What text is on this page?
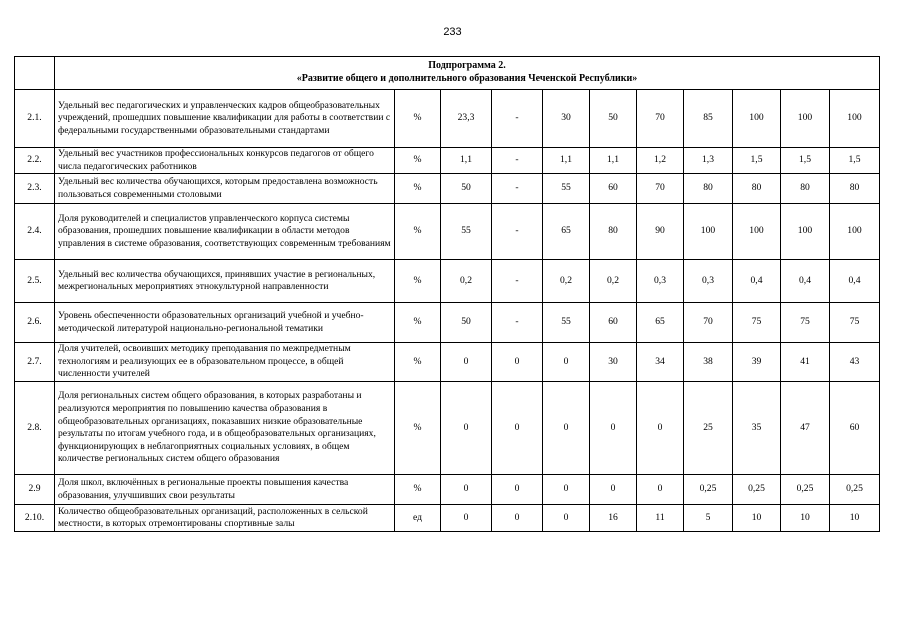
233

	Подпрограмма 2.
«Развитие общего и дополнительного образования Чеченской Республики»										

2.1.	Удельный вес педагогических и управленческих кадров общеобразовательных учреждений, прошедших повышение квалификации для работы в соответствии с федеральными государственными образовательными стандартами	%	23,3	-	30	50	70	85	100	100	100
2.2.	Удельный вес участников профессиональных конкурсов педагогов от общего числа педагогических работников	%	1,1	-	1,1	1,1	1,2	1,3	1,5	1,5	1,5
2.3.	Удельный вес количества обучающихся, которым предоставлена возможность пользоваться современными столовыми	%	50	-	55	60	70	80	80	80	80
2.4.	Доля руководителей и специалистов управленческого корпуса системы образования, прошедших повышение квалификации в области методов управления в системе образования, соответствующих современным требованиям	%	55	-	65	80	90	100	100	100	100
2.5.	Удельный вес количества обучающихся, принявших участие в региональных, межрегиональных мероприятиях этнокультурной направленности	%	0,2	-	0,2	0,2	0,3	0,3	0,4	0,4	0,4
2.6.	Уровень обеспеченности образовательных организаций учебной и учебно-методической литературой национально-региональной тематики	%	50	-	55	60	65	70	75	75	75
2.7.	Доля учителей, освоивших методику преподавания по межпредметным технологиям и реализующих ее в образовательном процессе, в общей численности учителей	%	0	0	0	30	34	38	39	41	43
2.8.	Доля региональных систем общего образования, в которых разработаны и реализуются мероприятия по повышению качества образования в общеобразовательных организациях, показавших низкие образовательные результаты по итогам учебного года, и в общеобразовательных организациях, функционирующих в неблагоприятных социальных условиях, в общем количестве региональных систем общего образования	%	0	0	0	0	0	25	35	47	60
2.9	Доля школ, включённых в региональные проекты повышения качества образования, улучшивших свои результаты	%	0	0	0	0	0	0,25	0,25	0,25	0,25
2.10.	Количество общеобразовательных организаций, расположенных в сельской местности, в которых отремонтированы спортивные залы	ед	0	0	0	16	11	5	10	10	10
